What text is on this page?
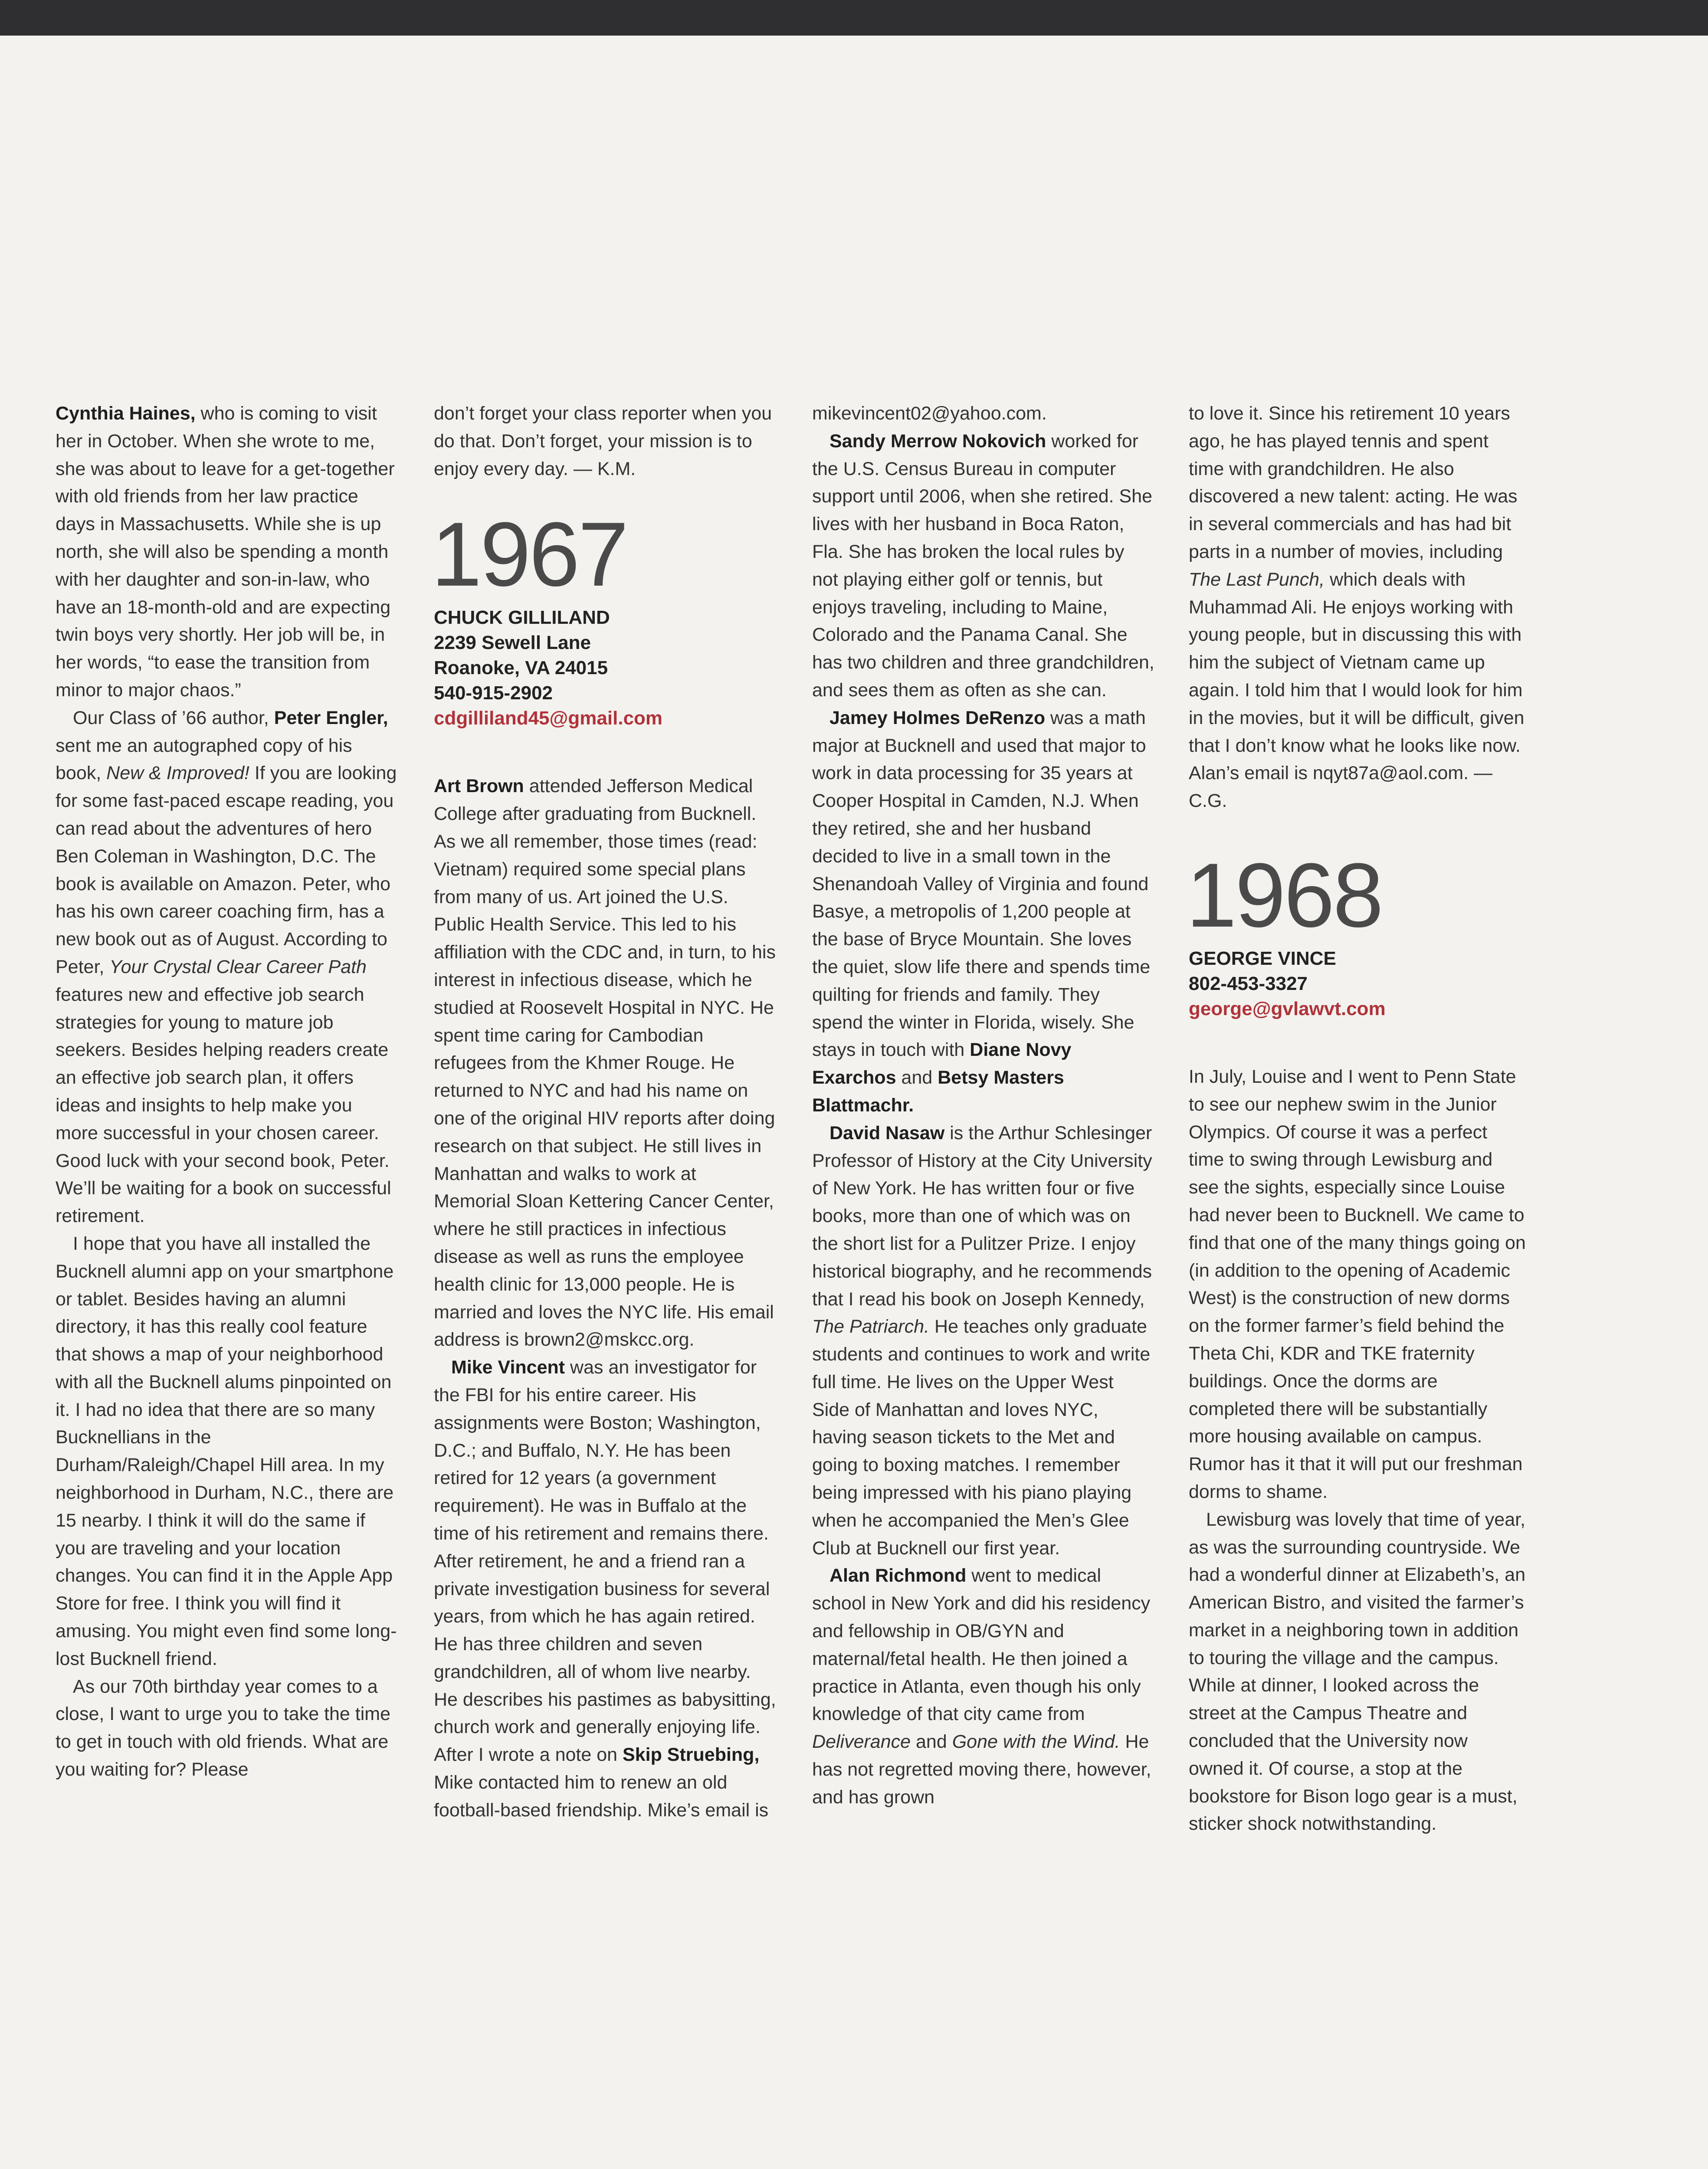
Cynthia Haines, who is coming to visit her in October. When she wrote to me, she was about to leave for a get-together with old friends from her law practice days in Massachusetts. While she is up north, she will also be spending a month with her daughter and son-in-law, who have an 18-month-old and are expecting twin boys very shortly. Her job will be, in her words, “to ease the transition from minor to major chaos.”

Our Class of ’66 author, Peter Engler, sent me an autographed copy of his book, New & Improved! If you are looking for some fast-paced escape reading, you can read about the adventures of hero Ben Coleman in Washington, D.C. The book is available on Amazon. Peter, who has his own career coaching firm, has a new book out as of August. According to Peter, Your Crystal Clear Career Path features new and effective job search strategies for young to mature job seekers. Besides helping readers create an effective job search plan, it offers ideas and insights to help make you more successful in your chosen career. Good luck with your second book, Peter. We’ll be waiting for a book on successful retirement.

I hope that you have all installed the Bucknell alumni app on your smartphone or tablet. Besides having an alumni directory, it has this really cool feature that shows a map of your neighborhood with all the Bucknell alums pinpointed on it. I had no idea that there are so many Bucknellians in the Durham/Raleigh/Chapel Hill area. In my neighborhood in Durham, N.C., there are 15 nearby. I think it will do the same if you are traveling and your location changes. You can find it in the Apple App Store for free. I think you will find it amusing. You might even find some long-lost Bucknell friend.

As our 70th birthday year comes to a close, I want to urge you to take the time to get in touch with old friends. What are you waiting for? Please

don’t forget your class reporter when you do that. Don’t forget, your mission is to enjoy every day. — K.M.

1967
CHUCK GILLILAND
2239 Sewell Lane
Roanoke, VA 24015
540-915-2902
cdgilliland45@gmail.com

Art Brown attended Jefferson Medical College after graduating from Bucknell. As we all remember, those times (read: Vietnam) required some special plans from many of us. Art joined the U.S. Public Health Service. This led to his affiliation with the CDC and, in turn, to his interest in infectious disease, which he studied at Roosevelt Hospital in NYC. He spent time caring for Cambodian refugees from the Khmer Rouge. He returned to NYC and had his name on one of the original HIV reports after doing research on that subject. He still lives in Manhattan and walks to work at Memorial Sloan Kettering Cancer Center, where he still practices in infectious disease as well as runs the employee health clinic for 13,000 people. He is married and loves the NYC life. His email address is brown2@mskcc.org.

Mike Vincent was an investigator for the FBI for his entire career. His assignments were Boston; Washington, D.C.; and Buffalo, N.Y. He has been retired for 12 years (a government requirement). He was in Buffalo at the time of his retirement and remains there. After retirement, he and a friend ran a private investigation business for several years, from which he has again retired. He has three children and seven grandchildren, all of whom live nearby. He describes his pastimes as babysitting, church work and generally enjoying life. After I wrote a note on Skip Struebing, Mike contacted him to renew an old football-based friendship. Mike’s email is

mikevincent02@yahoo.com.

Sandy Merrow Nokovich worked for the U.S. Census Bureau in computer support until 2006, when she retired. She lives with her husband in Boca Raton, Fla. She has broken the local rules by not playing either golf or tennis, but enjoys traveling, including to Maine, Colorado and the Panama Canal. She has two children and three grandchildren, and sees them as often as she can.

Jamey Holmes DeRenzo was a math major at Bucknell and used that major to work in data processing for 35 years at Cooper Hospital in Camden, N.J. When they retired, she and her husband decided to live in a small town in the Shenandoah Valley of Virginia and found Basye, a metropolis of 1,200 people at the base of Bryce Mountain. She loves the quiet, slow life there and spends time quilting for friends and family. They spend the winter in Florida, wisely. She stays in touch with Diane Novy Exarchos and Betsy Masters Blattmachr.

David Nasaw is the Arthur Schlesinger Professor of History at the City University of New York. He has written four or five books, more than one of which was on the short list for a Pulitzer Prize. I enjoy historical biography, and he recommends that I read his book on Joseph Kennedy, The Patriarch. He teaches only graduate students and continues to work and write full time. He lives on the Upper West Side of Manhattan and loves NYC, having season tickets to the Met and going to boxing matches. I remember being impressed with his piano playing when he accompanied the Men’s Glee Club at Bucknell our first year.

Alan Richmond went to medical school in New York and did his residency and fellowship in OB/GYN and maternal/fetal health. He then joined a practice in Atlanta, even though his only knowledge of that city came from Deliverance and Gone with the Wind. He has not regretted moving there, however, and has grown

to love it. Since his retirement 10 years ago, he has played tennis and spent time with grandchildren. He also discovered a new talent: acting. He was in several commercials and has had bit parts in a number of movies, including The Last Punch, which deals with Muhammad Ali. He enjoys working with young people, but in discussing this with him the subject of Vietnam came up again. I told him that I would look for him in the movies, but it will be difficult, given that I don’t know what he looks like now. Alan’s email is nqyt87a@aol.com. — C.G.

1968
GEORGE VINCE
802-453-3327
george@gvlawvt.com

In July, Louise and I went to Penn State to see our nephew swim in the Junior Olympics. Of course it was a perfect time to swing through Lewisburg and see the sights, especially since Louise had never been to Bucknell. We came to find that one of the many things going on (in addition to the opening of Academic West) is the construction of new dorms on the former farmer’s field behind the Theta Chi, KDR and TKE fraternity buildings. Once the dorms are completed there will be substantially more housing available on campus. Rumor has it that it will put our freshman dorms to shame.

Lewisburg was lovely that time of year, as was the surrounding countryside. We had a wonderful dinner at Elizabeth’s, an American Bistro, and visited the farmer’s market in a neighboring town in addition to touring the village and the campus. While at dinner, I looked across the street at the Campus Theatre and concluded that the University now owned it. Of course, a stop at the bookstore for Bison logo gear is a must, sticker shock notwithstanding.
